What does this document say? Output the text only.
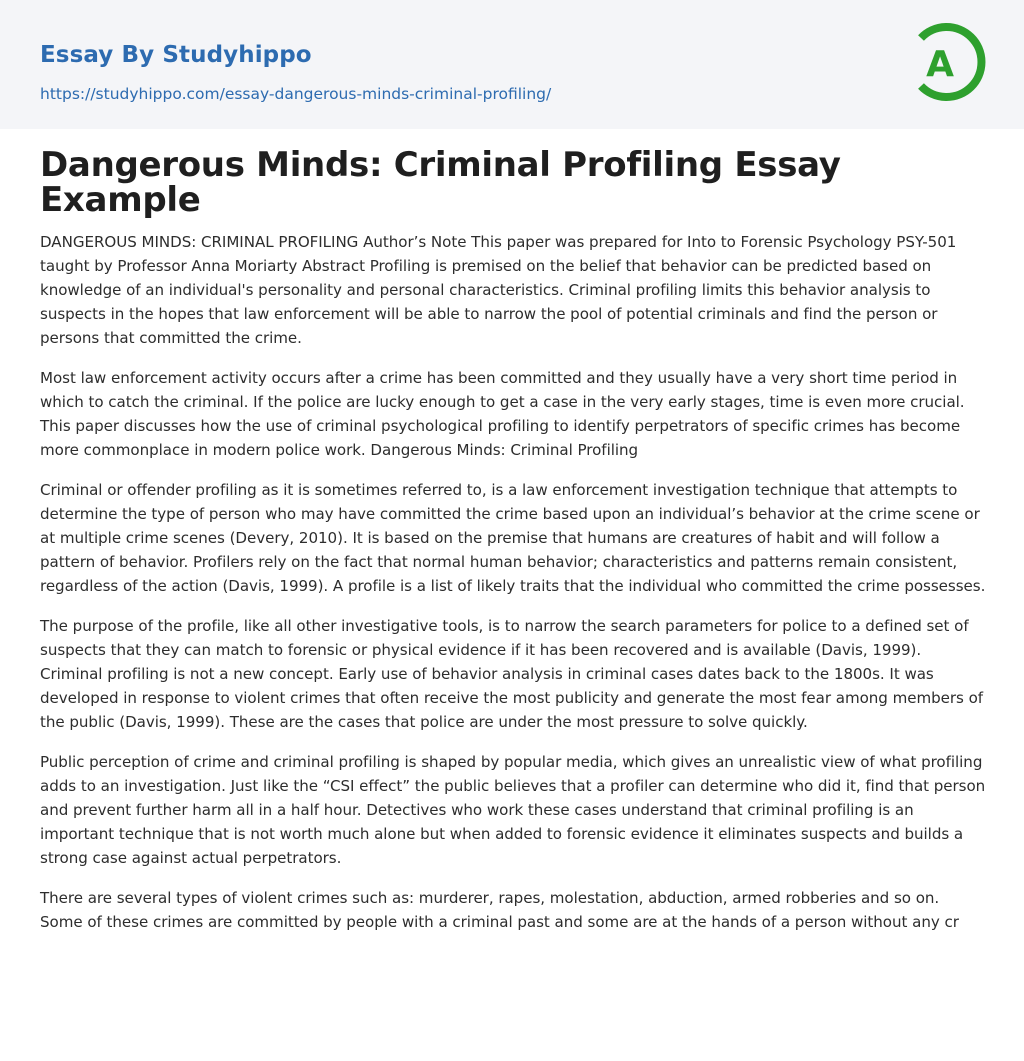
Essay By Studyhippo
https://studyhippo.com/essay-dangerous-minds-criminal-profiling/
A
Dangerous Minds: Criminal Profiling Essay Example

DANGEROUS MINDS: CRIMINAL PROFILING Author’s Note This paper was prepared for Into to Forensic Psychology PSY-501 taught by Professor Anna Moriarty Abstract Profiling is premised on the belief that behavior can be predicted based on knowledge of an individual's personality and personal characteristics. Criminal profiling limits this behavior analysis to suspects in the hopes that law enforcement will be able to narrow the pool of potential criminals and find the person or persons that committed the crime.

Most law enforcement activity occurs after a crime has been committed and they usually have a very short time period in which to catch the criminal. If the police are lucky enough to get a case in the very early stages, time is even more crucial. This paper discusses how the use of criminal psychological profiling to identify perpetrators of specific crimes has become more commonplace in modern police work. Dangerous Minds: Criminal Profiling

Criminal or offender profiling as it is sometimes referred to, is a law enforcement investigation technique that attempts to determine the type of person who may have committed the crime based upon an individual’s behavior at the crime scene or at multiple crime scenes (Devery, 2010). It is based on the premise that humans are creatures of habit and will follow a pattern of behavior. Profilers rely on the fact that normal human behavior; characteristics and patterns remain consistent, regardless of the action (Davis, 1999). A profile is a list of likely traits that the individual who committed the crime possesses.

The purpose of the profile, like all other investigative tools, is to narrow the search parameters for police to a defined set of suspects that they can match to forensic or physical evidence if it has been recovered and is available (Davis, 1999). Criminal profiling is not a new concept. Early use of behavior analysis in criminal cases dates back to the 1800s. It was developed in response to violent crimes that often receive the most publicity and generate the most fear among members of the public (Davis, 1999). These are the cases that police are under the most pressure to solve quickly.

Public perception of crime and criminal profiling is shaped by popular media, which gives an unrealistic view of what profiling adds to an investigation. Just like the “CSI effect” the public believes that a profiler can determine who did it, find that person and prevent further harm all in a half hour. Detectives who work these cases understand that criminal profiling is an important technique that is not worth much alone but when added to forensic evidence it eliminates suspects and builds a strong case against actual perpetrators.

There are several types of violent crimes such as: murderer, rapes, molestation, abduction, armed robberies and so on. Some of these crimes are committed by people with a criminal past and some are at the hands of a person without any cr
